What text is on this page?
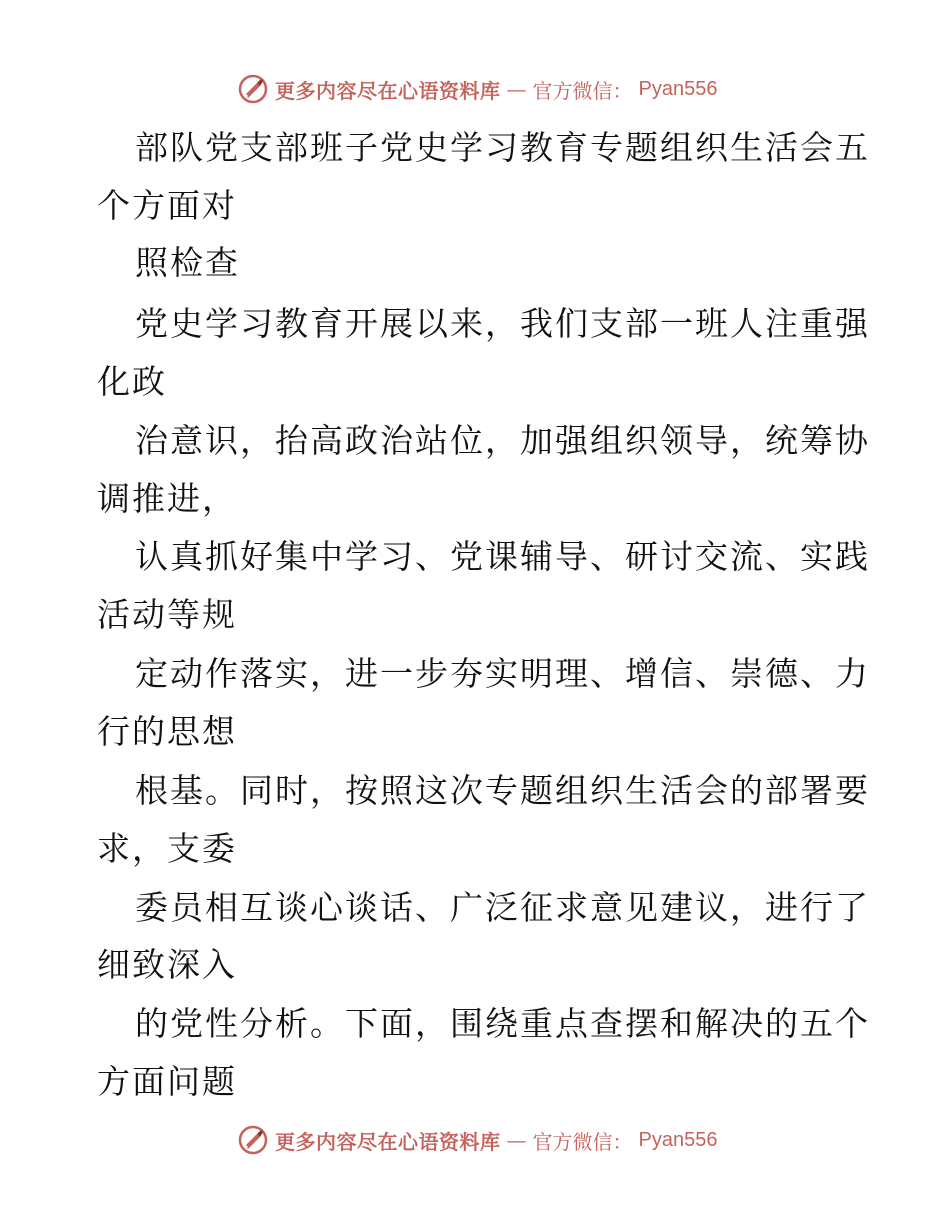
更多内容尽在心语资料库 — 官方微信： Pyan556
部队党支部班子党史学习教育专题组织生活会五
个方面对
照检查
党史学习教育开展以来，我们支部一班人注重强
化政
治意识，抬高政治站位，加强组织领导，统筹协
调推进，
认真抓好集中学习、党课辅导、研讨交流、实践
活动等规
定动作落实，进一步夯实明理、增信、崇德、力
行的思想
根基。同时，按照这次专题组织生活会的部署要
求，支委
委员相互谈心谈话、广泛征求意见建议，进行了
细致深入
的党性分析。下面，围绕重点查摆和解决的五个
方面问题
更多内容尽在心语资料库 — 官方微信： Pyan556
